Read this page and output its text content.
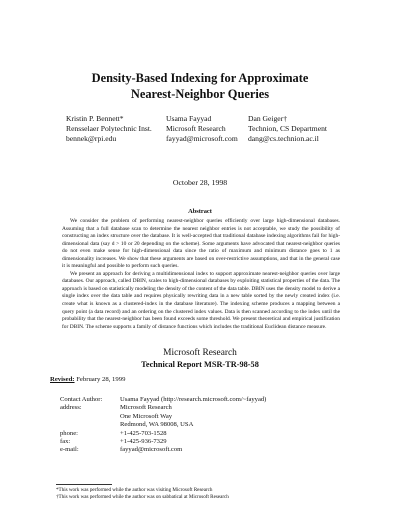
Density-Based Indexing for Approximate
Nearest-Neighbor Queries
Kristin P. Bennett*
Rensselaer Polytechnic Inst.
bennek@rpi.edu
Usama Fayyad
Microsoft Research
fayyad@microsoft.com
Dan Geiger†
Technion, CS Department
dang@cs.technion.ac.il
October 28, 1998
Abstract

We consider the problem of performing nearest-neighbor queries efficiently over large high-dimensional databases. Assuming that a full database scan to determine the nearest neighbor entries is not acceptable, we study the possibility of constructing an index structure over the database. It is well-accepted that traditional database indexing algorithms fail for high-dimensional data (say d > 10 or 20 depending on the scheme). Some arguments have advocated that nearest-neighbor queries do not even make sense for high-dimensional data since the ratio of maximum and minimum distance goes to 1 as dimensionality increases. We show that these arguments are based on over-restrictive assumptions, and that in the general case it is meaningful and possible to perform such queries.

We present an approach for deriving a multidimensional index to support approximate nearest-neighbor queries over large databases. Our approach, called DBIN, scales to high-dimensional databases by exploiting statistical properties of the data. The approach is based on statistically modeling the density of the content of the data table. DBIN uses the density model to derive a single index over the data table and requires physically rewriting data in a new table sorted by the newly created index (i.e. create what is known as a clustered-index in the database literature). The indexing scheme produces a mapping between a query point (a data record) and an ordering on the clustered index values. Data is then scanned according to the index until the probability that the nearest-neighbor has been found exceeds some threshold. We present theoretical and empirical justification for DBIN. The scheme supports a family of distance functions which includes the traditional Euclidean distance measure.

Microsoft Research
Technical Report MSR-TR-98-58
Revised: February 28, 1999
Contact Author:	Usama Fayyad (http://research.microsoft.com/~fayyad)
address:	Microsoft Research
	One Microsoft Way
	Redmond, WA 98008, USA
phone:	+1-425-703-1528
fax:	+1-425-936-7329
e-mail:	fayyad@microsoft.com
*This work was performed while the author was visiting Microsoft Research
†This work was performed while the author was on sabbatical at Microsoft Research
